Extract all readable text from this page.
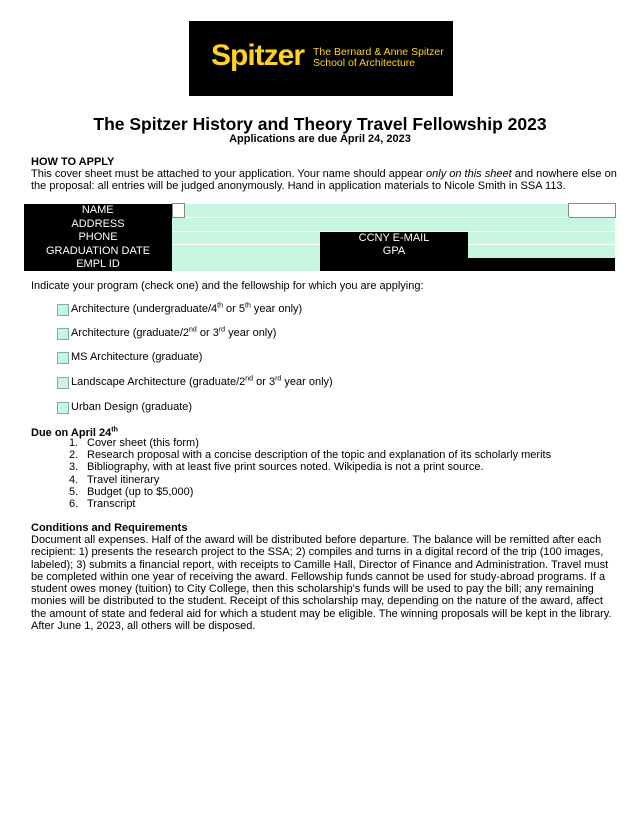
Spitzer The Bernard & Anne Spitzer
School of Architecture
The Spitzer History and Theory Travel Fellowship 2023
Applications are due April 24, 2023
HOW TO APPLY
This cover sheet must be attached to your application. Your name should appear only on this sheet and nowhere else on the proposal: all entries will be judged anonymously. Hand in application materials to Nicole Smith in SSA 113.
NAME					
ADDRESS					
PHONE			CCNY E-MAIL		
GRADUATION DATE			GPA		
EMPL ID					
Indicate your program (check one) and the fellowship for which you are applying:
Architecture (undergraduate/4th or 5th year only)
Architecture (graduate/2nd or 3rd year only)
MS Architecture (graduate)
Landscape Architecture (graduate/2nd or 3rd year only)
Urban Design (graduate)
Due on April 24th
1. Cover sheet (this form)
2. Research proposal with a concise description of the topic and explanation of its scholarly merits
3. Bibliography, with at least five print sources noted. Wikipedia is not a print source.
4. Travel itinerary
5. Budget (up to $5,000)
6. Transcript
Conditions and Requirements
Document all expenses. Half of the award will be distributed before departure. The balance will be remitted after each recipient: 1) presents the research project to the SSA; 2) compiles and turns in a digital record of the trip (100 images, labeled); 3) submits a financial report, with receipts to Camille Hall, Director of Finance and Administration. Travel must be completed within one year of receiving the award. Fellowship funds cannot be used for study-abroad programs. If a student owes money (tuition) to City College, then this scholarship's funds will be used to pay the bill; any remaining monies will be distributed to the student. Receipt of this scholarship may, depending on the nature of the award, affect the amount of state and federal aid for which a student may be eligible. The winning proposals will be kept in the library. After June 1, 2023, all others will be disposed.
